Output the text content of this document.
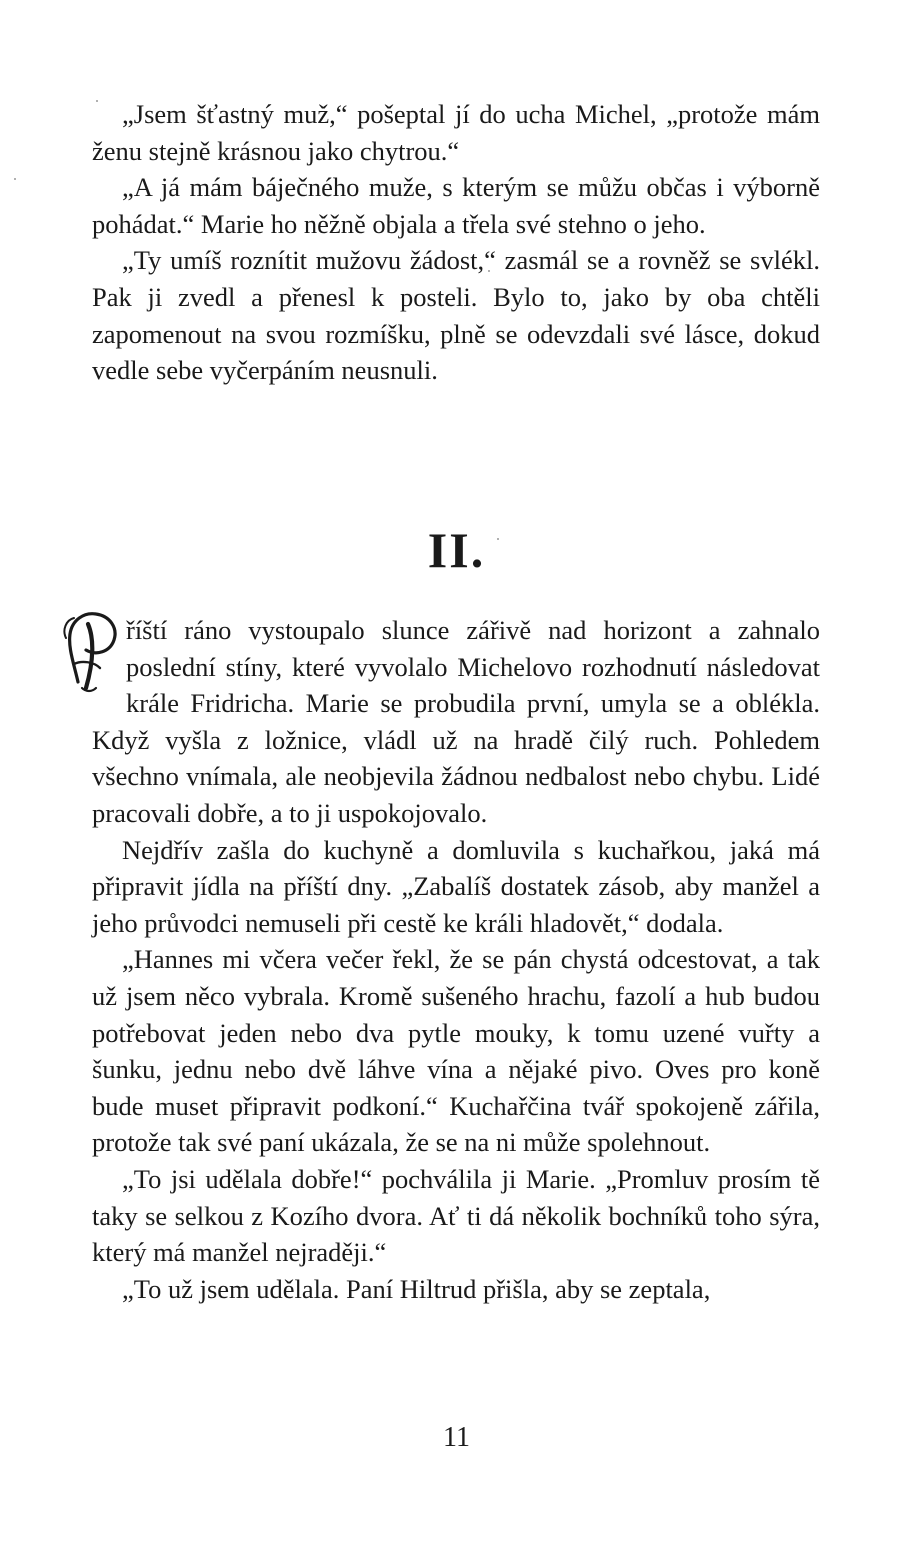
„Jsem šťastný muž,“ pošeptal jí do ucha Michel, „protože mám ženu stejně krásnou jako chytrou.“

„A já mám báječného muže, s kterým se můžu občas i výborně pohádat.“ Marie ho něžně objala a třela své stehno o jeho.

„Ty umíš roznítit mužovu žádost,“ zasmál se a rovněž se svlékl. Pak ji zvedl a přenesl k posteli. Bylo to, jako by oba chtěli zapomenout na svou rozmíšku, plně se odevzdali své lásce, dokud vedle sebe vyčerpáním neusnuli.

II.

říští ráno vystoupalo slunce zářivě nad horizont a zahnalo poslední stíny, které vyvolalo Michelovo rozhodnutí následovat krále Fridricha. Marie se probudila první, umyla se a oblékla. Když vyšla z ložnice, vládl už na hradě čilý ruch. Pohledem všechno vnímala, ale neobjevila žádnou nedbalost nebo chybu. Lidé pracovali dobře, a to ji uspokojovalo.

Nejdřív zašla do kuchyně a domluvila s kuchařkou, jaká má připravit jídla na příští dny. „Zabalíš dostatek zásob, aby manžel a jeho průvodci nemuseli při cestě ke králi hladovět,“ dodala.

„Hannes mi včera večer řekl, že se pán chystá odcestovat, a tak už jsem něco vybrala. Kromě sušeného hrachu, fazolí a hub budou potřebovat jeden nebo dva pytle mouky, k tomu uzené vuřty a šunku, jednu nebo dvě láhve vína a nějaké pivo. Oves pro koně bude muset připravit podkoní.“ Kuchařčina tvář spokojeně zářila, protože tak své paní ukázala, že se na ni může spolehnout.

„To jsi udělala dobře!“ pochválila ji Marie. „Promluv prosím tě taky se selkou z Kozího dvora. Ať ti dá několik bochníků toho sýra, který má manžel nejraději.“

„To už jsem udělala. Paní Hiltrud přišla, aby se zeptala,

11
